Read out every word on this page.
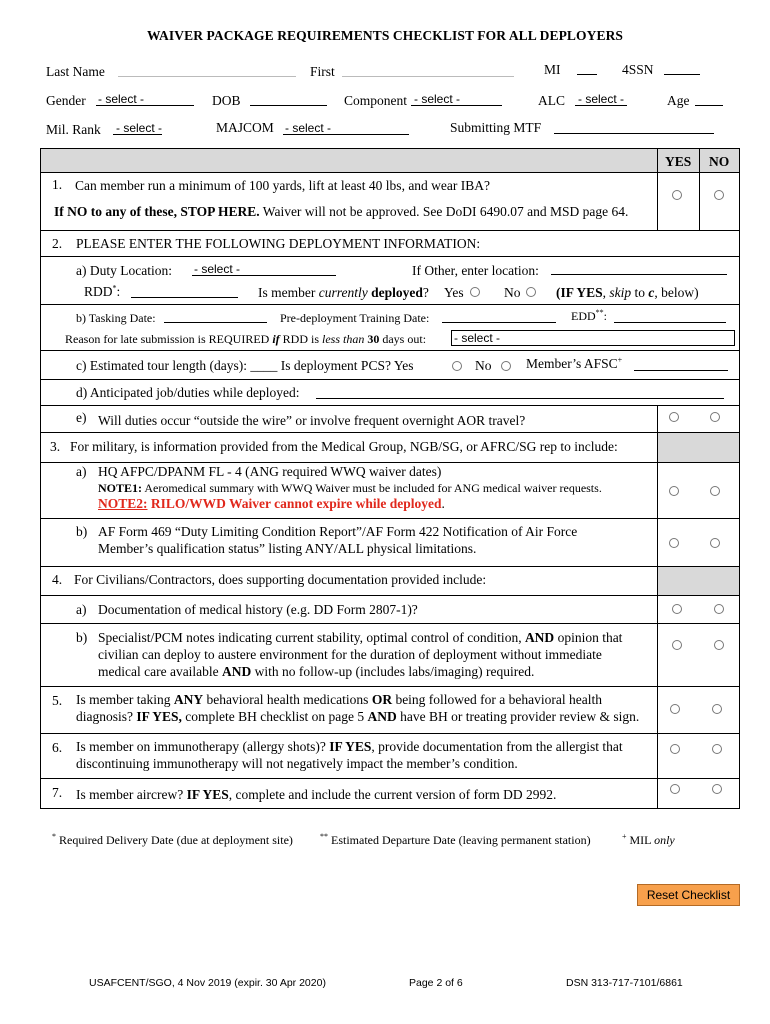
WAIVER PACKAGE REQUIREMENTS CHECKLIST FOR ALL DEPLOYERS
Last Name	First	MI	4SSN
Gender - select -	DOB	Component - select -	ALC - select -	Age
Mil. Rank - select -	MAJCOM - select -	Submitting MTF
YES NO
1. Can member run a minimum of 100 yards, lift at least 40 lbs, and wear IBA?
If NO to any of these, STOP HERE. Waiver will not be approved. See DoDI 6490.07 and MSD page 64.
2. PLEASE ENTER THE FOLLOWING DEPLOYMENT INFORMATION:
a) Duty Location: - select -	If Other, enter location:
RDD*:	Is member currently deployed? Yes	No	(IF YES, skip to c, below)
b) Tasking Date:	Pre-deployment Training Date:	EDD**:
Reason for late submission is REQUIRED if RDD is less than 30 days out: - select -
c) Estimated tour length (days): ____ Is deployment PCS? Yes	No	Member’s AFSC+
d) Anticipated job/duties while deployed:
e) Will duties occur “outside the wire” or involve frequent overnight AOR travel?
3. For military, is information provided from the Medical Group, NGB/SG, or AFRC/SG rep to include:
a) HQ AFPC/DPANM FL - 4 (ANG required WWQ waiver dates)
NOTE1: Aeromedical summary with WWQ Waiver must be included for ANG medical waiver requests.
NOTE2: RILO/WWD Waiver cannot expire while deployed.
b) AF Form 469 “Duty Limiting Condition Report”/AF Form 422 Notification of Air Force
Member’s qualification status” listing ANY/ALL physical limitations.
4. For Civilians/Contractors, does supporting documentation provided include:
a) Documentation of medical history (e.g. DD Form 2807-1)?
b) Specialist/PCM notes indicating current stability, optimal control of condition, AND opinion that
civilian can deploy to austere environment for the duration of deployment without immediate
medical care available AND with no follow-up (includes labs/imaging) required.
5. Is member taking ANY behavioral health medications OR being followed for a behavioral health
diagnosis? IF YES, complete BH checklist on page 5 AND have BH or treating provider review & sign.
6. Is member on immunotherapy (allergy shots)? IF YES, provide documentation from the allergist that
discontinuing immunotherapy will not negatively impact the member’s condition.
7. Is member aircrew? IF YES, complete and include the current version of form DD 2992.
* Required Delivery Date (due at deployment site)	** Estimated Departure Date (leaving permanent station)	+ MIL only
Reset Checklist
USAFCENT/SGO, 4 Nov 2019 (expir. 30 Apr 2020)	Page 2 of 6	DSN 313-717-7101/6861
